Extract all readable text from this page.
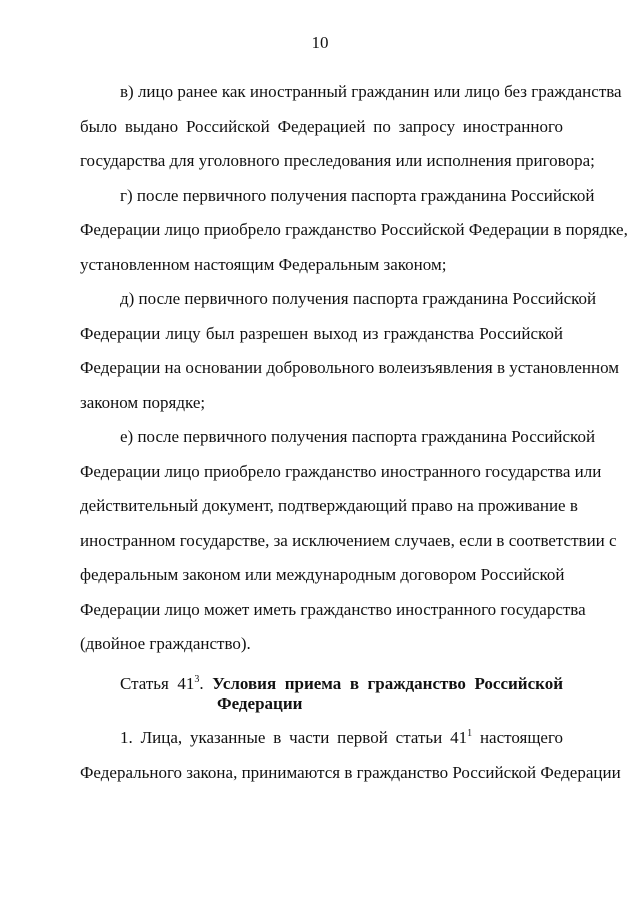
10
в) лицо ранее как иностранный гражданин или лицо без гражданства
было выдано Российской Федерацией по запросу иностранного
государства для уголовного преследования или исполнения приговора;
г) после первичного получения паспорта гражданина Российской
Федерации лицо приобрело гражданство Российской Федерации в порядке,
установленном настоящим Федеральным законом;
д) после первичного получения паспорта гражданина Российской
Федерации лицу был разрешен выход из гражданства Российской
Федерации на основании добровольного волеизъявления в установленном
законом порядке;
е) после первичного получения паспорта гражданина Российской
Федерации лицо приобрело гражданство иностранного государства или
действительный документ, подтверждающий право на проживание в
иностранном государстве, за исключением случаев, если в соответствии с
федеральным законом или международным договором Российской
Федерации лицо может иметь гражданство иностранного государства
(двойное гражданство).
Статья $41^3$. Условия приема в гражданство Российской
Федерации
1. Лица, указанные в части первой статьи $41^1$ настоящего
Федерального закона, принимаются в гражданство Российской Федерации
